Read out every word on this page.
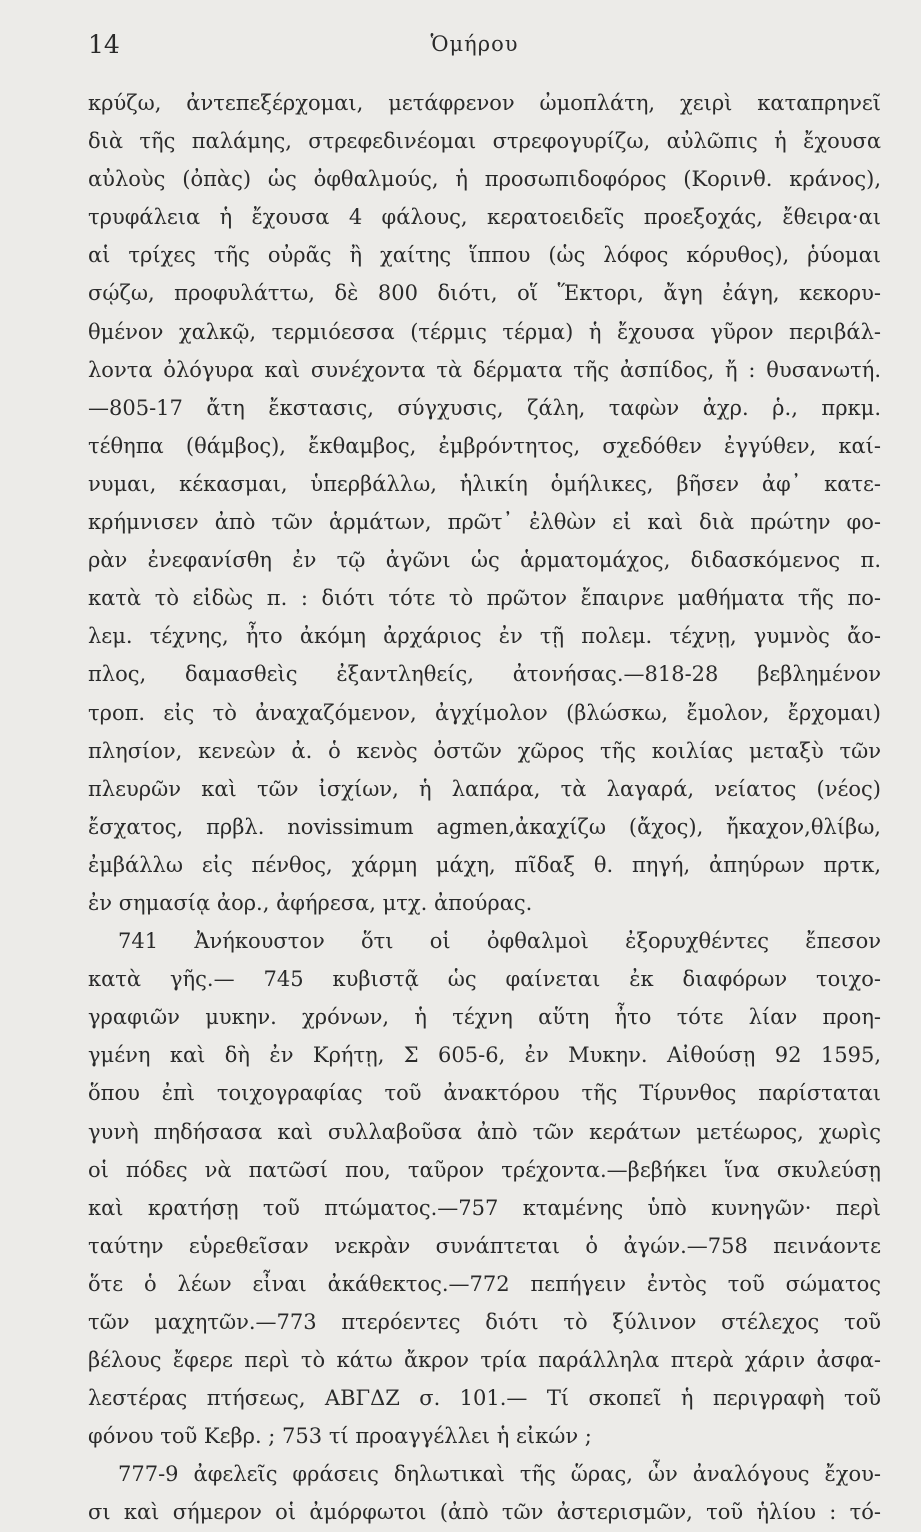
14	Ὁμήρου
κρύζω, ἀντεπεξέρχομαι, μετάφρενον ὠμοπλάτη, χειρὶ καταπρηνεῖ
διὰ τῆς παλάμης, στρεφεδινέομαι στρεφογυρίζω, αὐλῶπις ἡ ἔχουσα
αὐλοὺς (ὀπὰς) ὡς ὀφθαλμούς, ἡ προσωπιδοφόρος (Κορινθ. κράνος),
τρυφάλεια ἡ ἔχουσα 4 φάλους, κερατοειδεῖς προεξοχάς, ἔθειρα·αι
αἱ τρίχες τῆς οὐρᾶς ἢ χαίτης ἵππου (ὡς λόφος κόρυθος), ῥύομαι
σῴζω, προφυλάττω, δὲ 800 διότι, οἵ Ἕκτορι, ἄγη ἐάγη, κεκορυ-
θμένον χαλκῷ, τερμιόεσσα (τέρμις τέρμα) ἡ ἔχουσα γῦρον περιβάλ-
λοντα ὀλόγυρα καὶ συνέχοντα τὰ δέρματα τῆς ἀσπίδος, ἤ : θυσανωτή.
—805-17 ἄτη ἔκστασις, σύγχυσις, ζάλη, ταφὼν ἀχρ. ῥ., πρκμ.
τέθηπα (θάμβος), ἔκθαμβος, ἐμβρόντητος, σχεδόθεν ἐγγύθεν, καί-
νυμαι, κέκασμαι, ὑπερβάλλω, ἡλικίη ὁμήλικες, βῆσεν ἀφ᾽ κατε-
κρήμνισεν ἀπὸ τῶν ἁρμάτων, πρῶτ᾽ ἐλθὼν εἰ καὶ διὰ πρώτην φο-
ρὰν ἐνεφανίσθη ἐν τῷ ἀγῶνι ὡς ἁρματομάχος, διδασκόμενος π.
κατὰ τὸ εἰδὼς π. : διότι τότε τὸ πρῶτον ἔπαιρνε μαθήματα τῆς πο-
λεμ. τέχνης, ἦτο ἀκόμη ἀρχάριος ἐν τῇ πολεμ. τέχνῃ, γυμνὸς ἄο-
πλος, δαμασθεὶς ἐξαντληθείς, ἀτονήσας.—818-28 βεβλημένον
τροπ. εἰς τὸ ἀναχαζόμενον, ἀγχίμολον (βλώσκω, ἔμολον, ἔρχομαι)
πλησίον, κενεὼν ἀ. ὁ κενὸς ὀστῶν χῶρος τῆς κοιλίας μεταξὺ τῶν
πλευρῶν καὶ τῶν ἰσχίων, ἡ λαπάρα, τὰ λαγαρά, νείατος (νέος)
ἔσχατος, πρβλ. novissimum agmen,ἀκαχίζω (ἄχος), ἤκαχον,θλίβω,
ἐμβάλλω εἰς πένθος, χάρμη μάχη, πῖδαξ θ. πηγή, ἀπηύρων πρτκ,
ἐν σημασίᾳ ἀορ., ἀφήρεσα, μτχ. ἀπούρας.
741 Ἀνήκουστον ὅτι οἱ ὀφθαλμοὶ ἐξορυχθέντες ἔπεσον
κατὰ γῆς.— 745 κυβιστᾷ ὡς φαίνεται ἐκ διαφόρων τοιχο-
γραφιῶν μυκην. χρόνων, ἡ τέχνη αὕτη ἦτο τότε λίαν προη-
γμένη καὶ δὴ ἐν Κρήτῃ, Σ 605-6, ἐν Μυκην. Αἰθούσῃ 92 1595,
ὅπου ἐπὶ τοιχογραφίας τοῦ ἀνακτόρου τῆς Τίρυνθος παρίσταται
γυνὴ πηδήσασα καὶ συλλαβοῦσα ἀπὸ τῶν κεράτων μετέωρος, χωρὶς
οἱ πόδες νὰ πατῶσί που, ταῦρον τρέχοντα.—βεβήκει ἵνα σκυλεύσῃ
καὶ κρατήσῃ τοῦ πτώματος.—757 κταμένης ὑπὸ κυνηγῶν· περὶ
ταύτην εὑρεθεῖσαν νεκρὰν συνάπτεται ὁ ἀγών.—758 πεινάοντε
ὅτε ὁ λέων εἶναι ἀκάθεκτος.—772 πεπήγειν ἐντὸς τοῦ σώματος
τῶν μαχητῶν.—773 πτερόεντες διότι τὸ ξύλινον στέλεχος τοῦ
βέλους ἔφερε περὶ τὸ κάτω ἄκρον τρία παράλληλα πτερὰ χάριν ἀσφα-
λεστέρας πτήσεως, ΑΒΓΔΖ σ. 101.— Τί σκοπεῖ ἡ περιγραφὴ τοῦ
φόνου τοῦ Κεβρ. ; 753 τί προαγγέλλει ἡ εἰκών ;
777-9 ἀφελεῖς φράσεις δηλωτικαὶ τῆς ὥρας, ὧν ἀναλόγους ἔχου-
σι καὶ σήμερον οἱ ἀμόρφωτοι (ἀπὸ τῶν ἀστερισμῶν, τοῦ ἡλίου : τό-
